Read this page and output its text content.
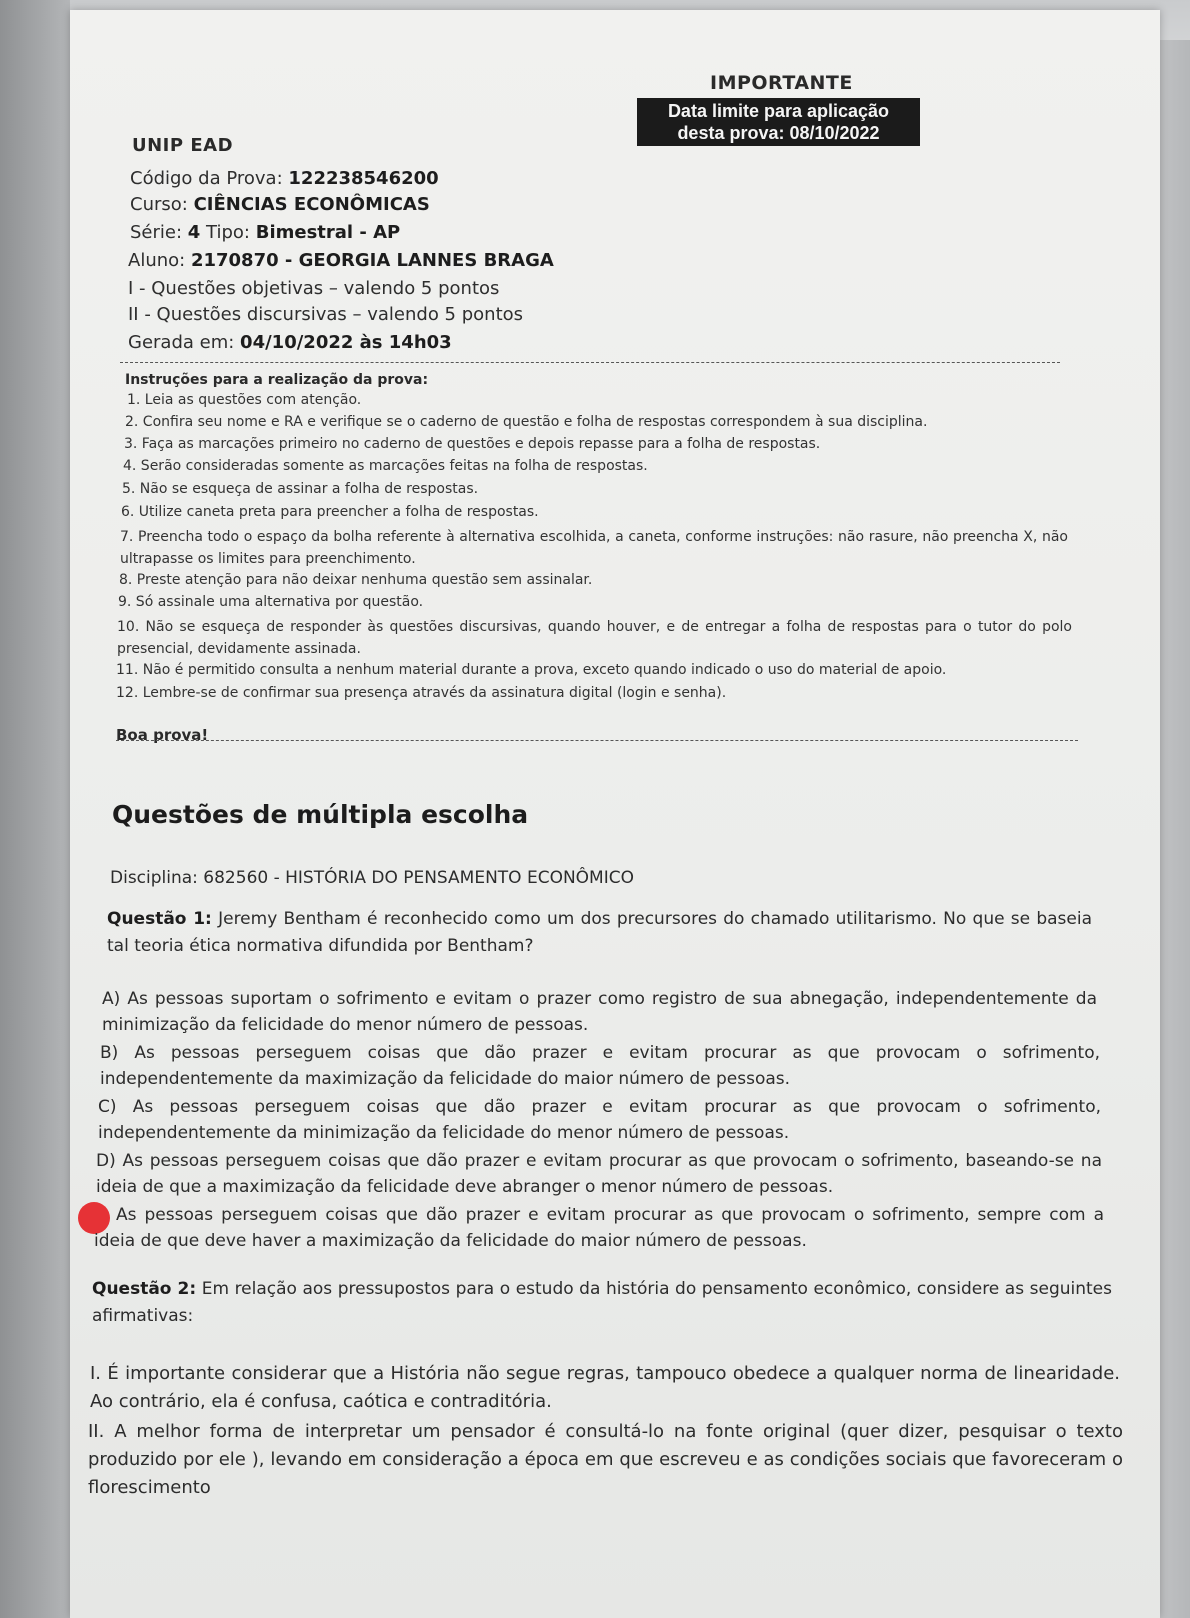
IMPORTANTE
Data limite para aplicação
desta prova: 08/10/2022
UNIP EAD
Código da Prova: 122238546200
Curso: CIÊNCIAS ECONÔMICAS
Série: 4 Tipo: Bimestral - AP
Aluno: 2170870 - GEORGIA LANNES BRAGA
I - Questões objetivas – valendo 5 pontos
II - Questões discursivas – valendo 5 pontos
Gerada em: 04/10/2022 às 14h03
Instruções para a realização da prova:
1. Leia as questões com atenção.
2. Confira seu nome e RA e verifique se o caderno de questão e folha de respostas correspondem à sua disciplina.
3. Faça as marcações primeiro no caderno de questões e depois repasse para a folha de respostas.
4. Serão consideradas somente as marcações feitas na folha de respostas.
5. Não se esqueça de assinar a folha de respostas.
6. Utilize caneta preta para preencher a folha de respostas.
7. Preencha todo o espaço da bolha referente à alternativa escolhida, a caneta, conforme instruções: não rasure, não preencha X, não ultrapasse os limites para preenchimento.
8. Preste atenção para não deixar nenhuma questão sem assinalar.
9. Só assinale uma alternativa por questão.
10. Não se esqueça de responder às questões discursivas, quando houver, e de entregar a folha de respostas para o tutor do polo presencial, devidamente assinada.
11. Não é permitido consulta a nenhum material durante a prova, exceto quando indicado o uso do material de apoio.
12. Lembre-se de confirmar sua presença através da assinatura digital (login e senha).
Boa prova!
Questões de múltipla escolha
Disciplina: 682560 - HISTÓRIA DO PENSAMENTO ECONÔMICO
Questão 1: Jeremy Bentham é reconhecido como um dos precursores do chamado utilitarismo. No que se baseia tal teoria ética normativa difundida por Bentham?
A) As pessoas suportam o sofrimento e evitam o prazer como registro de sua abnegação, independentemente da minimização da felicidade do menor número de pessoas.
B) As pessoas perseguem coisas que dão prazer e evitam procurar as que provocam o sofrimento, independentemente da maximização da felicidade do maior número de pessoas.
C) As pessoas perseguem coisas que dão prazer e evitam procurar as que provocam o sofrimento, independentemente da minimização da felicidade do menor número de pessoas.
D) As pessoas perseguem coisas que dão prazer e evitam procurar as que provocam o sofrimento, baseando-se na ideia de que a maximização da felicidade deve abranger o menor número de pessoas.
As pessoas perseguem coisas que dão prazer e evitam procurar as que provocam o sofrimento, sempre com a ideia de que deve haver a maximização da felicidade do maior número de pessoas.
Questão 2: Em relação aos pressupostos para o estudo da história do pensamento econômico, considere as seguintes afirmativas:
I. É importante considerar que a História não segue regras, tampouco obedece a qualquer norma de linearidade. Ao contrário, ela é confusa, caótica e contraditória.
II. A melhor forma de interpretar um pensador é consultá-lo na fonte original (quer dizer, pesquisar o texto produzido por ele ), levando em consideração a época em que escreveu e as condições sociais que favoreceram o florescimento
